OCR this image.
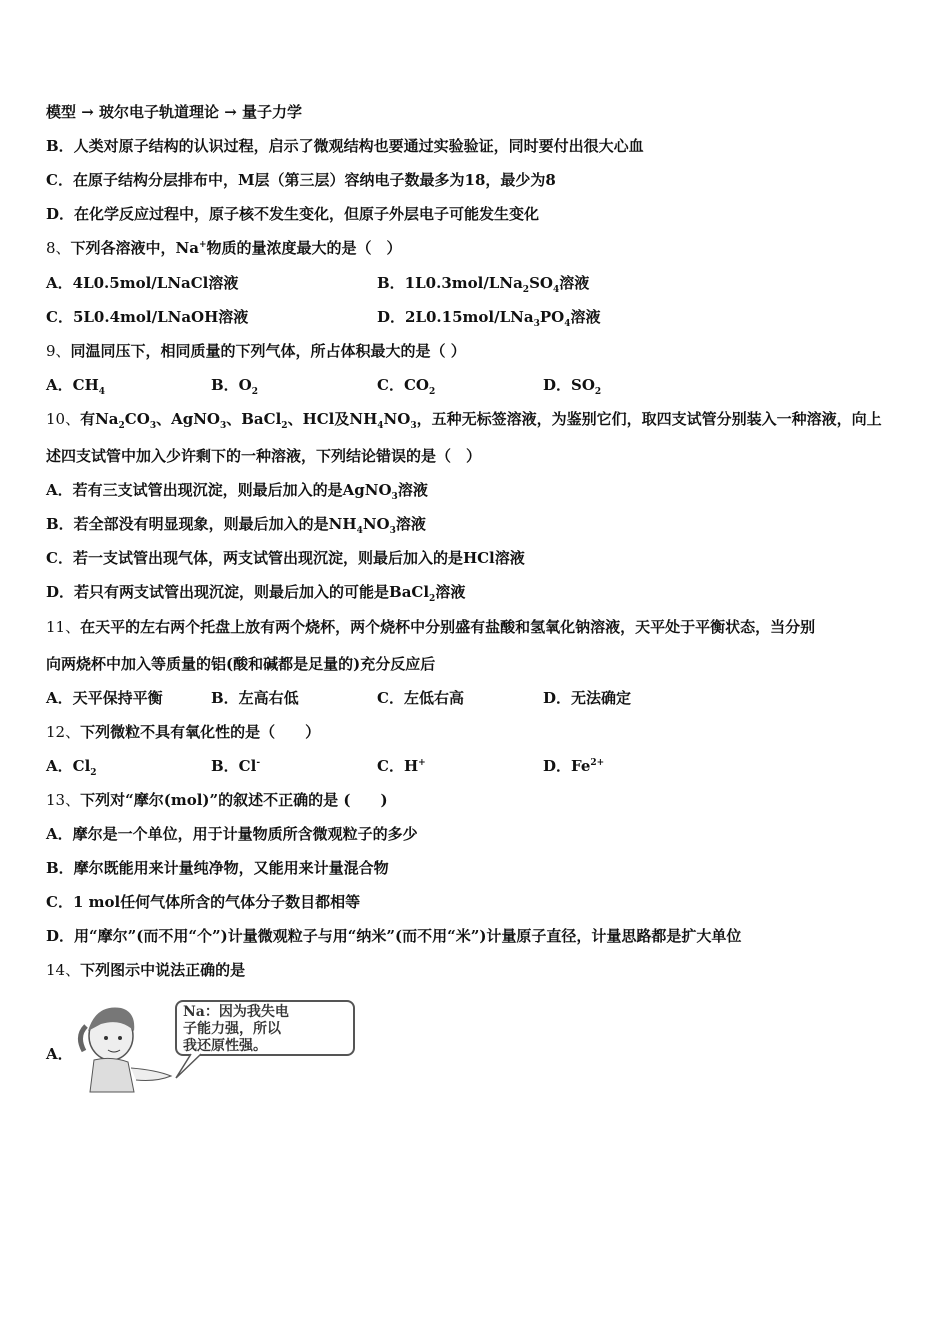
模型 → 玻尔电子轨道理论 → 量子力学
B．人类对原子结构的认识过程，启示了微观结构也要通过实验验证，同时要付出很大心血
C．在原子结构分层排布中，M层（第三层）容纳电子数最多为18，最少为8
D．在化学反应过程中，原子核不发生变化，但原子外层电子可能发生变化
8、下列各溶液中，Na+物质的量浓度最大的是（　）
A．4L0.5mol/LNaCl溶液	B．$1L0.3mol/LNa_2SO_4$溶液
C．5L0.4mol/LNaOH溶液	D．$2L0.15mol/LNa_3PO_4$溶液
9、同温同压下，相同质量的下列气体，所占体积最大的是（ ）
A．$CH_4$	B．$O_2$	C．$CO_2$	D．$SO_2$
10、有$Na_2CO_3$、AgNO$_3$、BaCl$_2$、HCl及$NH_4NO_3$，五种无标签溶液，为鉴别它们，取四支试管分别装入一种溶液，向上
述四支试管中加入少许剩下的一种溶液，下列结论错误的是（　）
A．若有三支试管出现沉淀，则最后加入的是AgNO$_3$溶液
B．若全部没有明显现象，则最后加入的是$NH_4NO_3$溶液
C．若一支试管出现气体，两支试管出现沉淀，则最后加入的是HCl溶液
D．若只有两支试管出现沉淀，则最后加入的可能是BaCl$_2$溶液
11、在天平的左右两个托盘上放有两个烧杯，两个烧杯中分别盛有盐酸和氢氧化钠溶液，天平处于平衡状态，当分别
向两烧杯中加入等质量的铝(酸和碱都是足量的)充分反应后
A．天平保持平衡	B．左高右低	C．左低右高	D．无法确定
12、下列微粒不具有氧化性的是（　　）
A．$Cl_2$	B．Cl-	C．H+	D．$Fe^{2+}$
13、下列对“摩尔(mol)”的叙述不正确的是 (　　)
A．摩尔是一个单位，用于计量物质所含微观粒子的多少
B．摩尔既能用来计量纯净物，又能用来计量混合物
C．1 mol任何气体所含的气体分子数目都相等
D．用“摩尔”(而不用“个”)计量微观粒子与用“纳米”(而不用“米”)计量原子直径，计量思路都是扩大单位
14、下列图示中说法正确的是
A．
Na：因为我失电
子能力强，所以
我还原性强。
